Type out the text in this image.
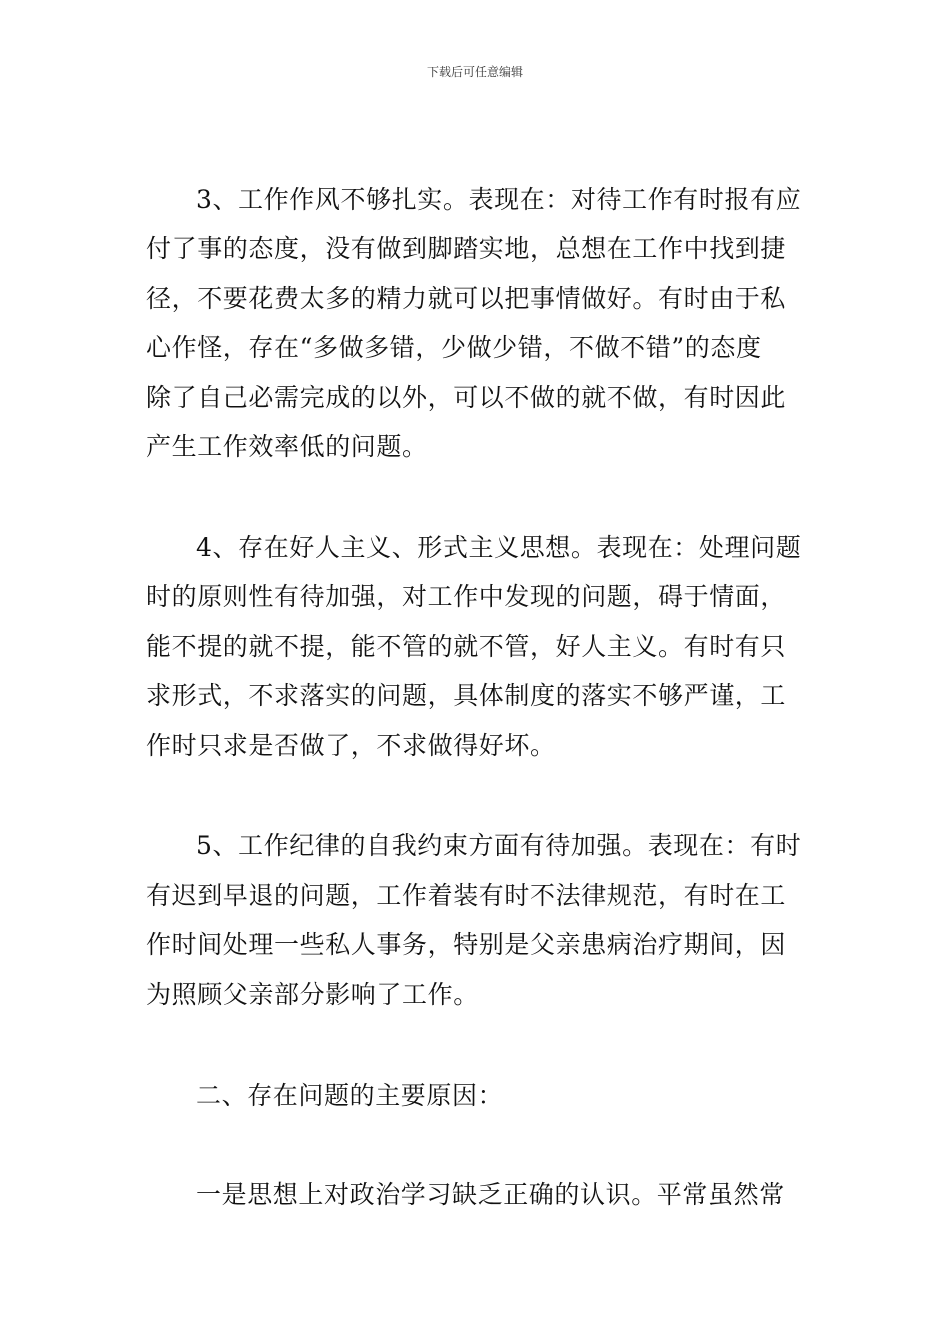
下载后可任意编辑
3、工作作风不够扎实。表现在：对待工作有时报有应
付了事的态度，没有做到脚踏实地，总想在工作中找到捷
径，不要花费太多的精力就可以把事情做好。有时由于私
心作怪，存在“多做多错，少做少错，不做不错”的态度
除了自己必需完成的以外，可以不做的就不做，有时因此
产生工作效率低的问题。
4、存在好人主义、形式主义思想。表现在：处理问题
时的原则性有待加强，对工作中发现的问题，碍于情面，
能不提的就不提，能不管的就不管，好人主义。有时有只
求形式，不求落实的问题，具体制度的落实不够严谨，工
作时只求是否做了，不求做得好坏。
5、工作纪律的自我约束方面有待加强。表现在：有时
有迟到早退的问题，工作着装有时不法律规范，有时在工
作时间处理一些私人事务，特别是父亲患病治疗期间，因
为照顾父亲部分影响了工作。
二、存在问题的主要原因：
一是思想上对政治学习缺乏正确的认识。平常虽然常
